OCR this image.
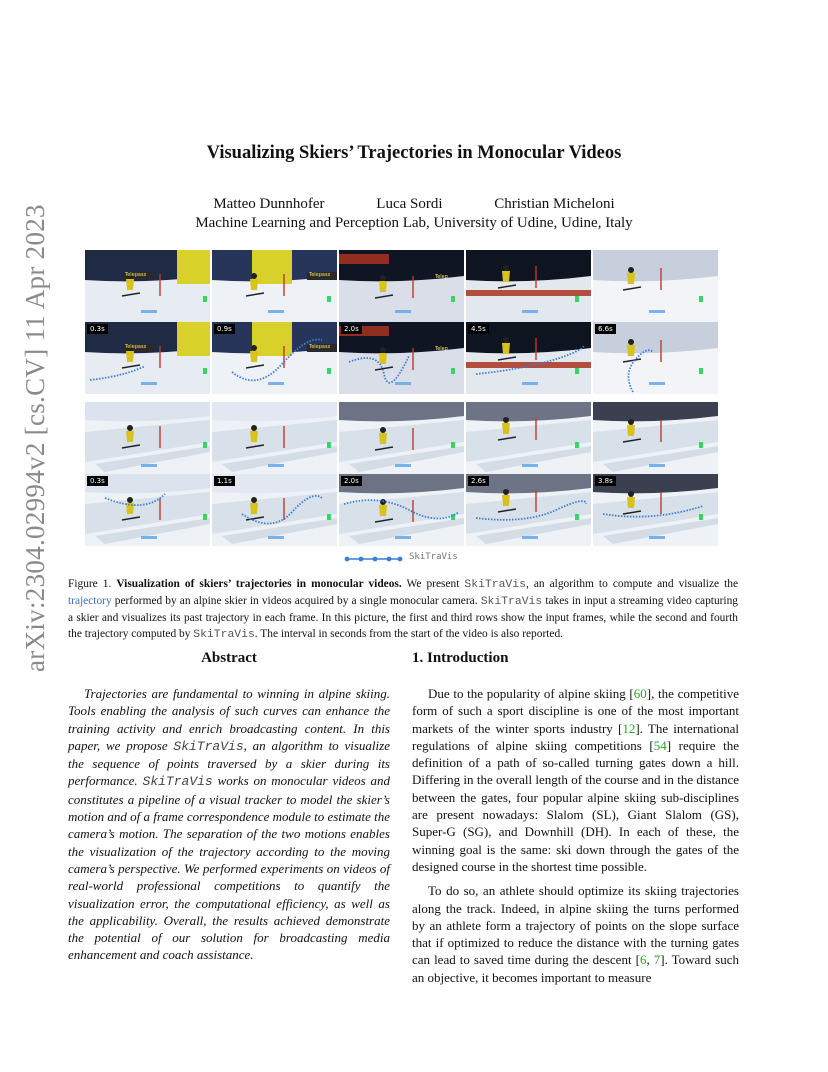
arXiv:2304.02994v2 [cs.CV] 11 Apr 2023
Visualizing Skiers’ Trajectories in Monocular Videos
Matteo Dunnhofer	Luca Sordi	Christian Micheloni
Machine Learning and Perception Lab, University of Udine, Udine, Italy
Telepass	Telepass	Telep
Telepass
0.3s
Telepass
0.9s
Telep
2.0s	4.5s	6.6s
0.3s	1.1s	2.0s	2.6s	3.8s
SkiTraVis
Figure 1. Visualization of skiers’ trajectories in monocular videos. We present SkiTraVis, an algorithm to compute and visualize the trajectory performed by an alpine skier in videos acquired by a single monocular camera. SkiTraVis takes in input a streaming video capturing a skier and visualizes its past trajectory in each frame. In this picture, the first and third rows show the input frames, while the second and fourth the trajectory computed by SkiTraVis. The interval in seconds from the start of the video is also reported.
Abstract
Trajectories are fundamental to winning in alpine skiing. Tools enabling the analysis of such curves can enhance the training activity and enrich broadcasting content. In this paper, we propose SkiTraVis, an algorithm to visualize the sequence of points traversed by a skier during its performance. SkiTraVis works on monocular videos and constitutes a pipeline of a visual tracker to model the skier’s motion and of a frame correspondence module to estimate the camera’s motion. The separation of the two motions enables the visualization of the trajectory according to the moving camera’s perspective. We performed experiments on videos of real-world professional competitions to quantify the visualization error, the computational efficiency, as well as the applicability. Overall, the results achieved demonstrate the potential of our solution for broadcasting media enhancement and coach assistance.
1. Introduction

Due to the popularity of alpine skiing [60], the competitive form of such a sport discipline is one of the most important markets of the winter sports industry [12]. The international regulations of alpine skiing competitions [54] require the definition of a path of so-called turning gates down a hill. Differing in the overall length of the course and in the distance between the gates, four popular alpine skiing sub-disciplines are present nowadays: Slalom (SL), Giant Slalom (GS), Super-G (SG), and Downhill (DH). In each of these, the winning goal is the same: ski down through the gates of the designed course in the shortest time possible.

To do so, an athlete should optimize its skiing trajectories along the track. Indeed, in alpine skiing the turns performed by an athlete form a trajectory of points on the slope surface that if optimized to reduce the distance with the turning gates can lead to saved time during the descent [6, 7]. Toward such an objective, it becomes important to measure
